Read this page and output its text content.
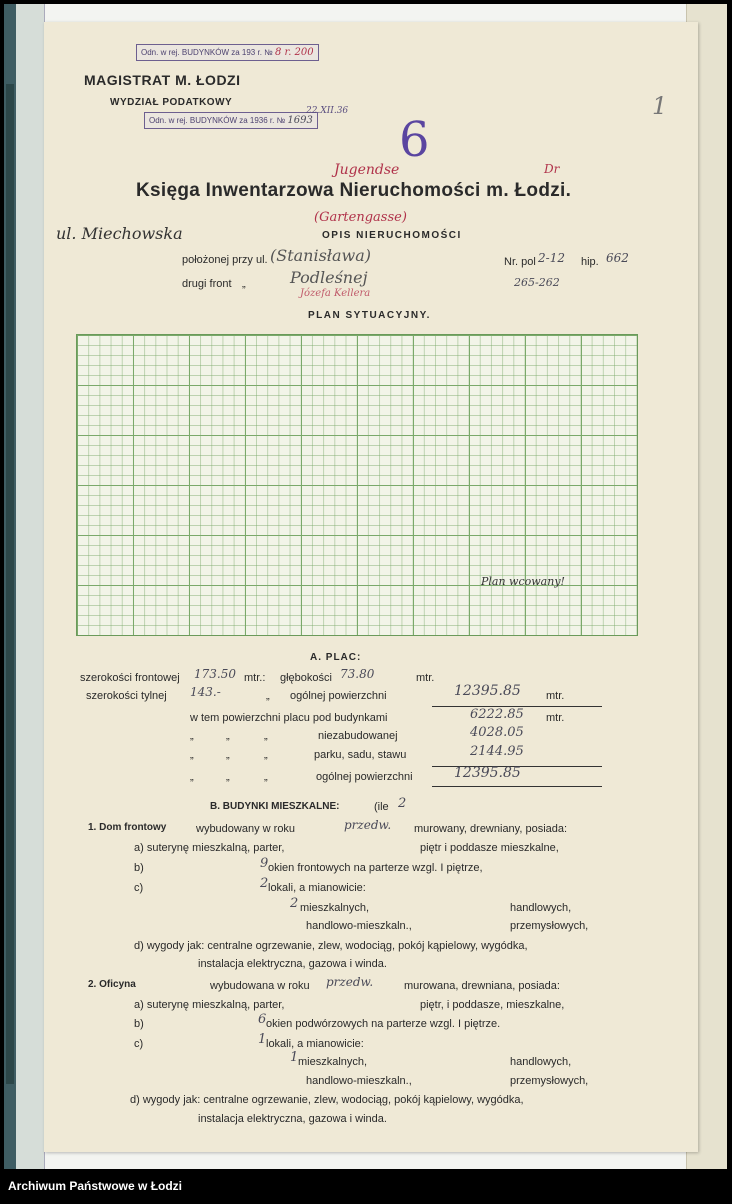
Odn. w rej. BUDYNKÓW za 193 r. № 8 r. 200
Odn. w rej. BUDYNKÓW za 1936 r. № 1693
22.XII.36
MAGISTRAT M. ŁODZI
WYDZIAŁ PODATKOWY
6
1
Jugendse	Dr
Księga Inwentarzowa Nieruchomości m. Łodzi.
(Gartengasse)
ul. Miechowska	OPIS NIERUCHOMOŚCI
położonej przy ul. (Stanisława)	Nr. pol 2-12 hip. 662
drugi front „	Podleśnej
Józefa Kellera
265-262
PLAN SYTUACYJNY.
Plan wcowany!
A. PLAC:
szerokości frontowej 173.50 mtr.: głębokości 73.80	mtr.
szerokości tylnej 143.-	„ ogólnej powierzchni	12395.85 mtr.
w tem powierzchni placu pod budynkami	6222.85 mtr.
„	„	„	niezabudowanej	4028.05
„	„	„	parku, sadu, stawu	2144.95
„	„	„	ogólnej powierzchni	12395.85
B. BUDYNKI MIESZKALNE:	(ile 2
1. Dom frontowy	wybudowany w roku	przedw. murowany, drewniany, posiada:
a) suterynę mieszkalną, parter,	piętr i poddasze mieszkalne,
b)	9 okien frontowych na parterze wzgl. I piętrze,
c)	2 lokali, a mianowicie:
2 mieszkalnych,	handlowych,
handlowo-mieszkaln.,	przemysłowych,
d) wygody jak: centralne ogrzewanie, zlew, wodociąg, pokój kąpielowy, wygódka,
instalacja elektryczna, gazowa i winda.
2. Oficyna	wybudowana w roku przedw.	murowana, drewniana, posiada:
a) suterynę mieszkalną, parter,	piętr, i poddasze, mieszkalne,
b)	6 okien podwórzowych na parterze wzgl. I piętrze.
c)	1 lokali, a mianowicie:
1 mieszkalnych,	handlowych,
handlowo-mieszkaln.,	przemysłowych,
d) wygody jak: centralne ogrzewanie, zlew, wodociąg, pokój kąpielowy, wygódka,
instalacja elektryczna, gazowa i winda.
Archiwum Państwowe w Łodzi
